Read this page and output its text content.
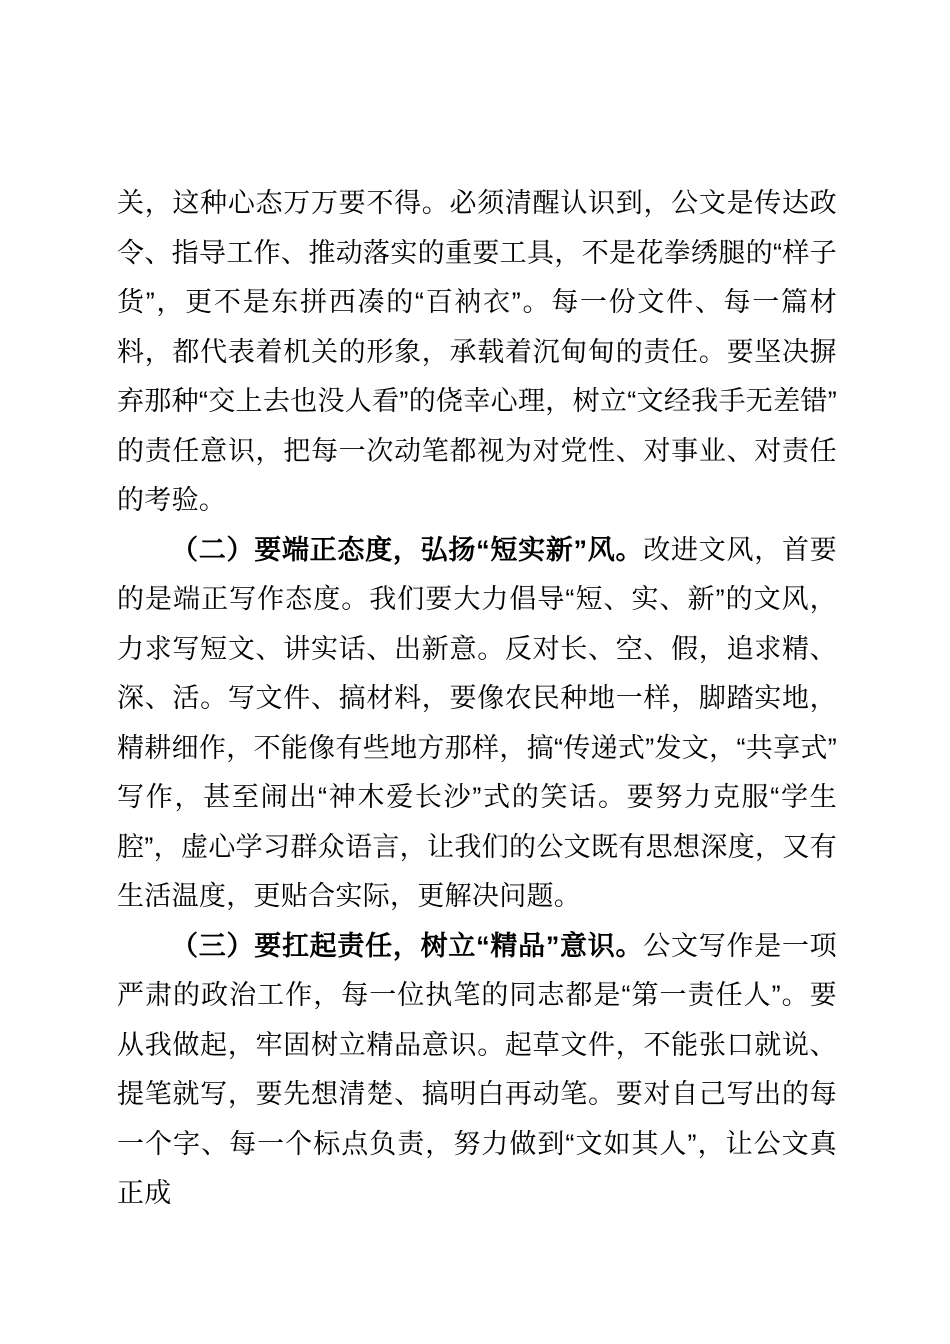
关，这种心态万万要不得。必须清醒认识到，公文是传达政令、指导工作、推动落实的重要工具，不是花拳绣腿的“样子货”，更不是东拼西凑的“百衲衣”。每一份文件、每一篇材料，都代表着机关的形象，承载着沉甸甸的责任。要坚决摒弃那种“交上去也没人看”的侥幸心理，树立“文经我手无差错”的责任意识，把每一次动笔都视为对党性、对事业、对责任的考验。

（二）要端正态度，弘扬“短实新”风。改进文风，首要的是端正写作态度。我们要大力倡导“短、实、新”的文风，力求写短文、讲实话、出新意。反对长、空、假，追求精、深、活。写文件、搞材料，要像农民种地一样，脚踏实地，精耕细作，不能像有些地方那样，搞“传递式”发文，“共享式”写作，甚至闹出“神木爱长沙”式的笑话。要努力克服“学生腔”，虚心学习群众语言，让我们的公文既有思想深度，又有生活温度，更贴合实际，更解决问题。

（三）要扛起责任，树立“精品”意识。公文写作是一项严肃的政治工作，每一位执笔的同志都是“第一责任人”。要从我做起，牢固树立精品意识。起草文件，不能张口就说、提笔就写，要先想清楚、搞明白再动笔。要对自己写出的每一个字、每一个标点负责，努力做到“文如其人”，让公文真正成
